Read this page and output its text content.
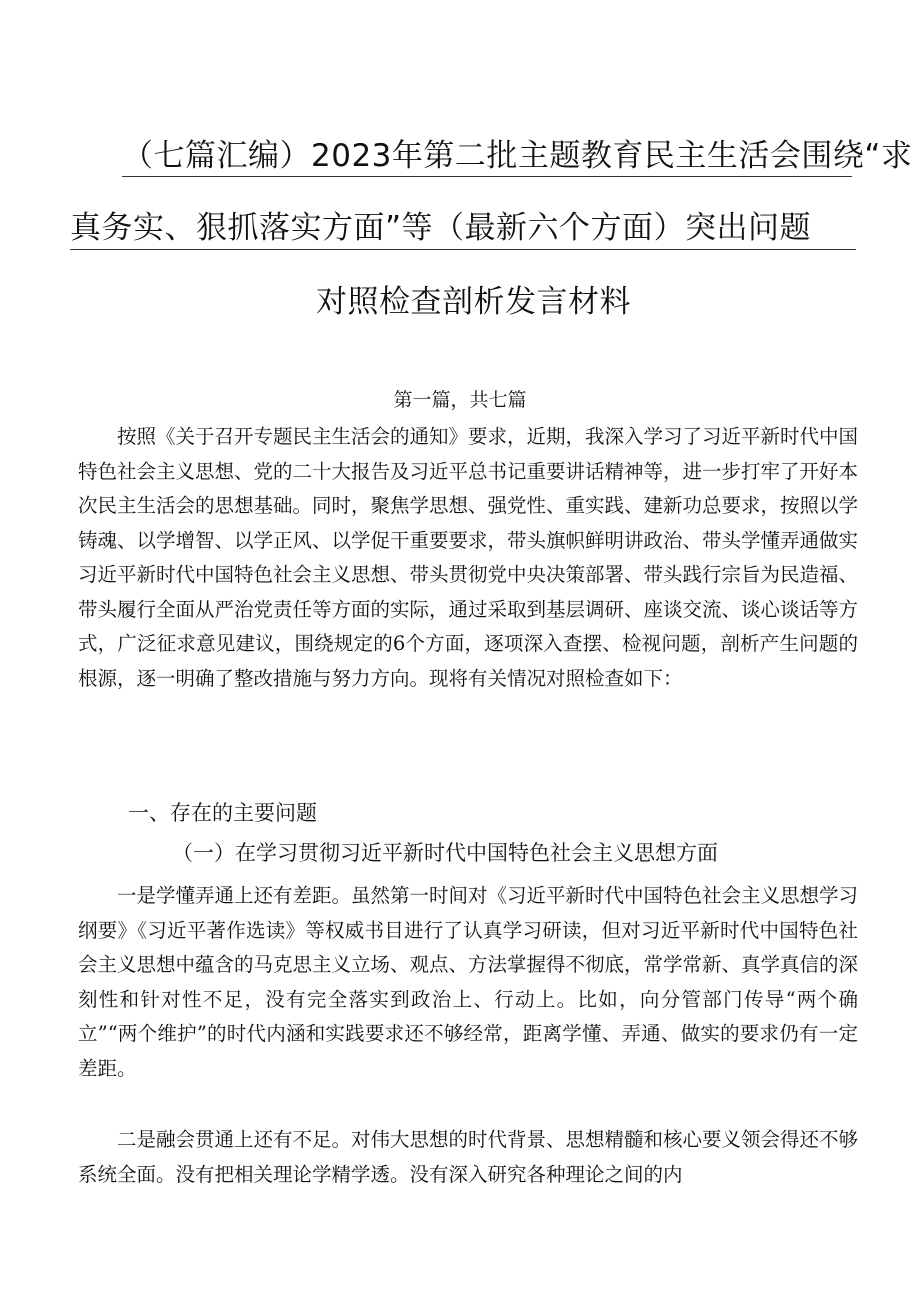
（七篇汇编）2023年第二批主题教育民主生活会围绕“求
真务实、狠抓落实方面”等（最新六个方面）突出问题
对照检查剖析发言材料
第一篇，共七篇

按照《关于召开专题民主生活会的通知》要求，近期，我深入学习了习近平新时代中国特色社会主义思想、党的二十大报告及习近平总书记重要讲话精神等，进一步打牢了开好本次民主生活会的思想基础。同时，聚焦学思想、强党性、重实践、建新功总要求，按照以学铸魂、以学增智、以学正风、以学促干重要要求，带头旗帜鲜明讲政治、带头学懂弄通做实习近平新时代中国特色社会主义思想、带头贯彻党中央决策部署、带头践行宗旨为民造福、带头履行全面从严治党责任等方面的实际，通过采取到基层调研、座谈交流、谈心谈话等方式，广泛征求意见建议，围绕规定的6个方面，逐项深入查摆、检视问题，剖析产生问题的根源，逐一明确了整改措施与努力方向。现将有关情况对照检查如下：

一、存在的主要问题
（一）在学习贯彻习近平新时代中国特色社会主义思想方面

一是学懂弄通上还有差距。虽然第一时间对《习近平新时代中国特色社会主义思想学习纲要》《习近平著作选读》等权威书目进行了认真学习研读，但对习近平新时代中国特色社会主义思想中蕴含的马克思主义立场、观点、方法掌握得不彻底，常学常新、真学真信的深刻性和针对性不足，没有完全落实到政治上、行动上。比如，向分管部门传导“两个确立”“两个维护”的时代内涵和实践要求还不够经常，距离学懂、弄通、做实的要求仍有一定差距。

二是融会贯通上还有不足。对伟大思想的时代背景、思想精髓和核心要义领会得还不够系统全面。没有把相关理论学精学透。没有深入研究各种理论之间的内
